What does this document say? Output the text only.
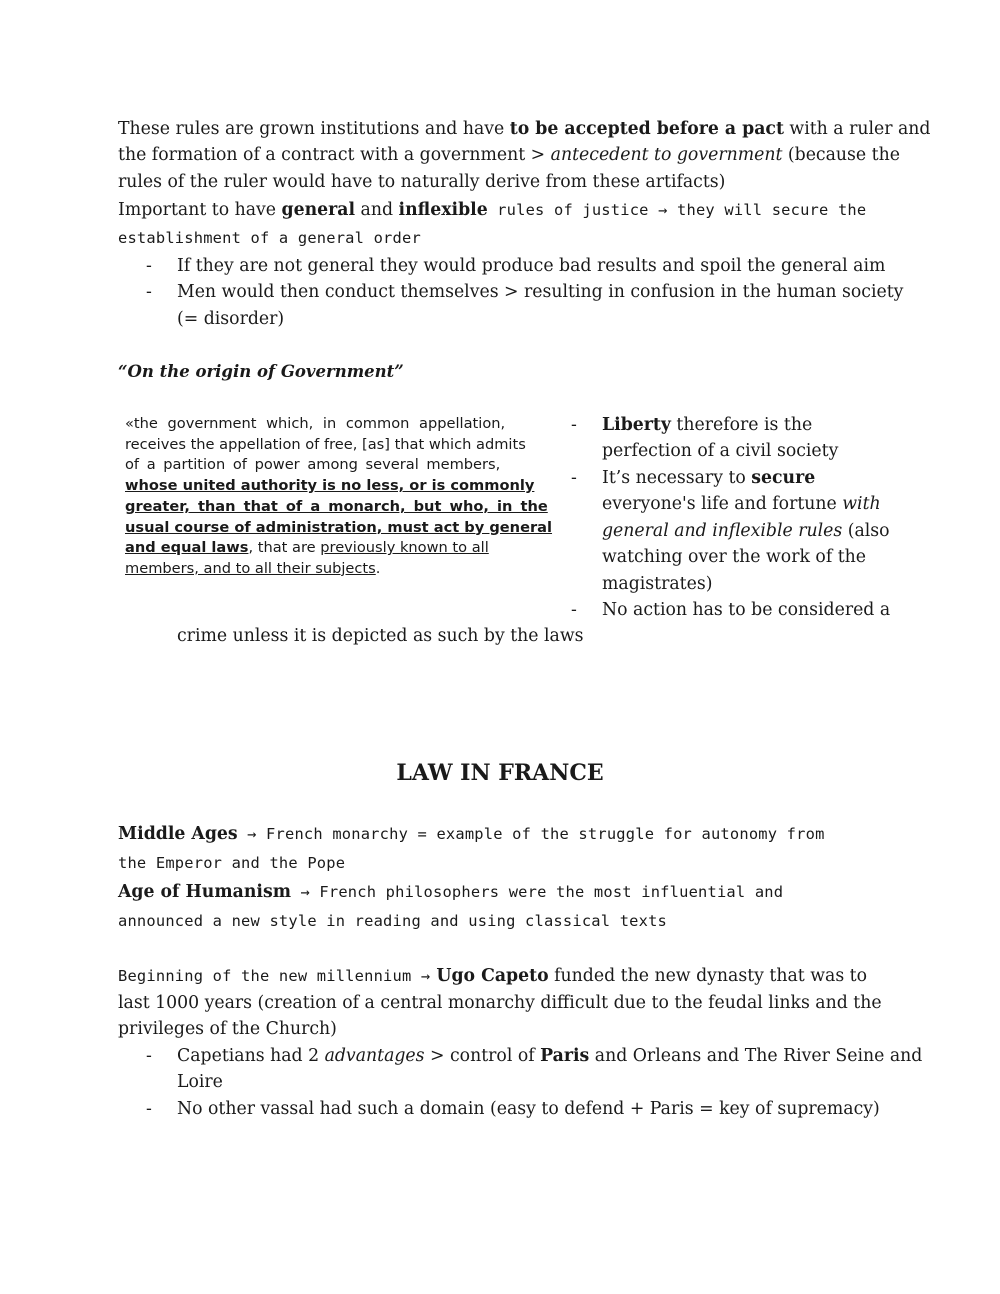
These rules are grown institutions and have to be accepted before a pact with a ruler and
the formation of a contract with a government > antecedent to government (because the
rules of the ruler would have to naturally derive from these artifacts)
Important to have general and inflexible rules of justice → they will secure the
establishment of a general order
- If they are not general they would produce bad results and spoil the general aim
- Men would then conduct themselves > resulting in confusion in the human society
(= disorder)
“On the origin of Government”
«the government which, in common appellation,
receives the appellation of free, [as] that which admits
of a partition of power among several members,
whose united authority is no less, or is commonly
greater, than that of a monarch, but who, in the
usual course of administration, must act by general
and equal laws , that are previously known to all
members, and to all their subjects .
- Liberty therefore is the
perfection of a civil society
- It’s necessary to secure
everyone's life and fortune with
general and inflexible rules (also
watching over the work of the
magistrates)
- No action has to be considered a
crime unless it is depicted as such by the laws
LAW IN FRANCE
Middle Ages → French monarchy = example of the struggle for autonomy from
the Emperor and the Pope
Age of Humanism → French philosophers were the most influential and
announced a new style in reading and using classical texts
Beginning of the new millennium → Ugo Capeto funded the new dynasty that was to
last 1000 years (creation of a central monarchy difficult due to the feudal links and the
privileges of the Church)
- Capetians had 2 advantages > control of Paris and Orleans and The River Seine and
Loire
- No other vassal had such a domain (easy to defend + Paris = key of supremacy)
